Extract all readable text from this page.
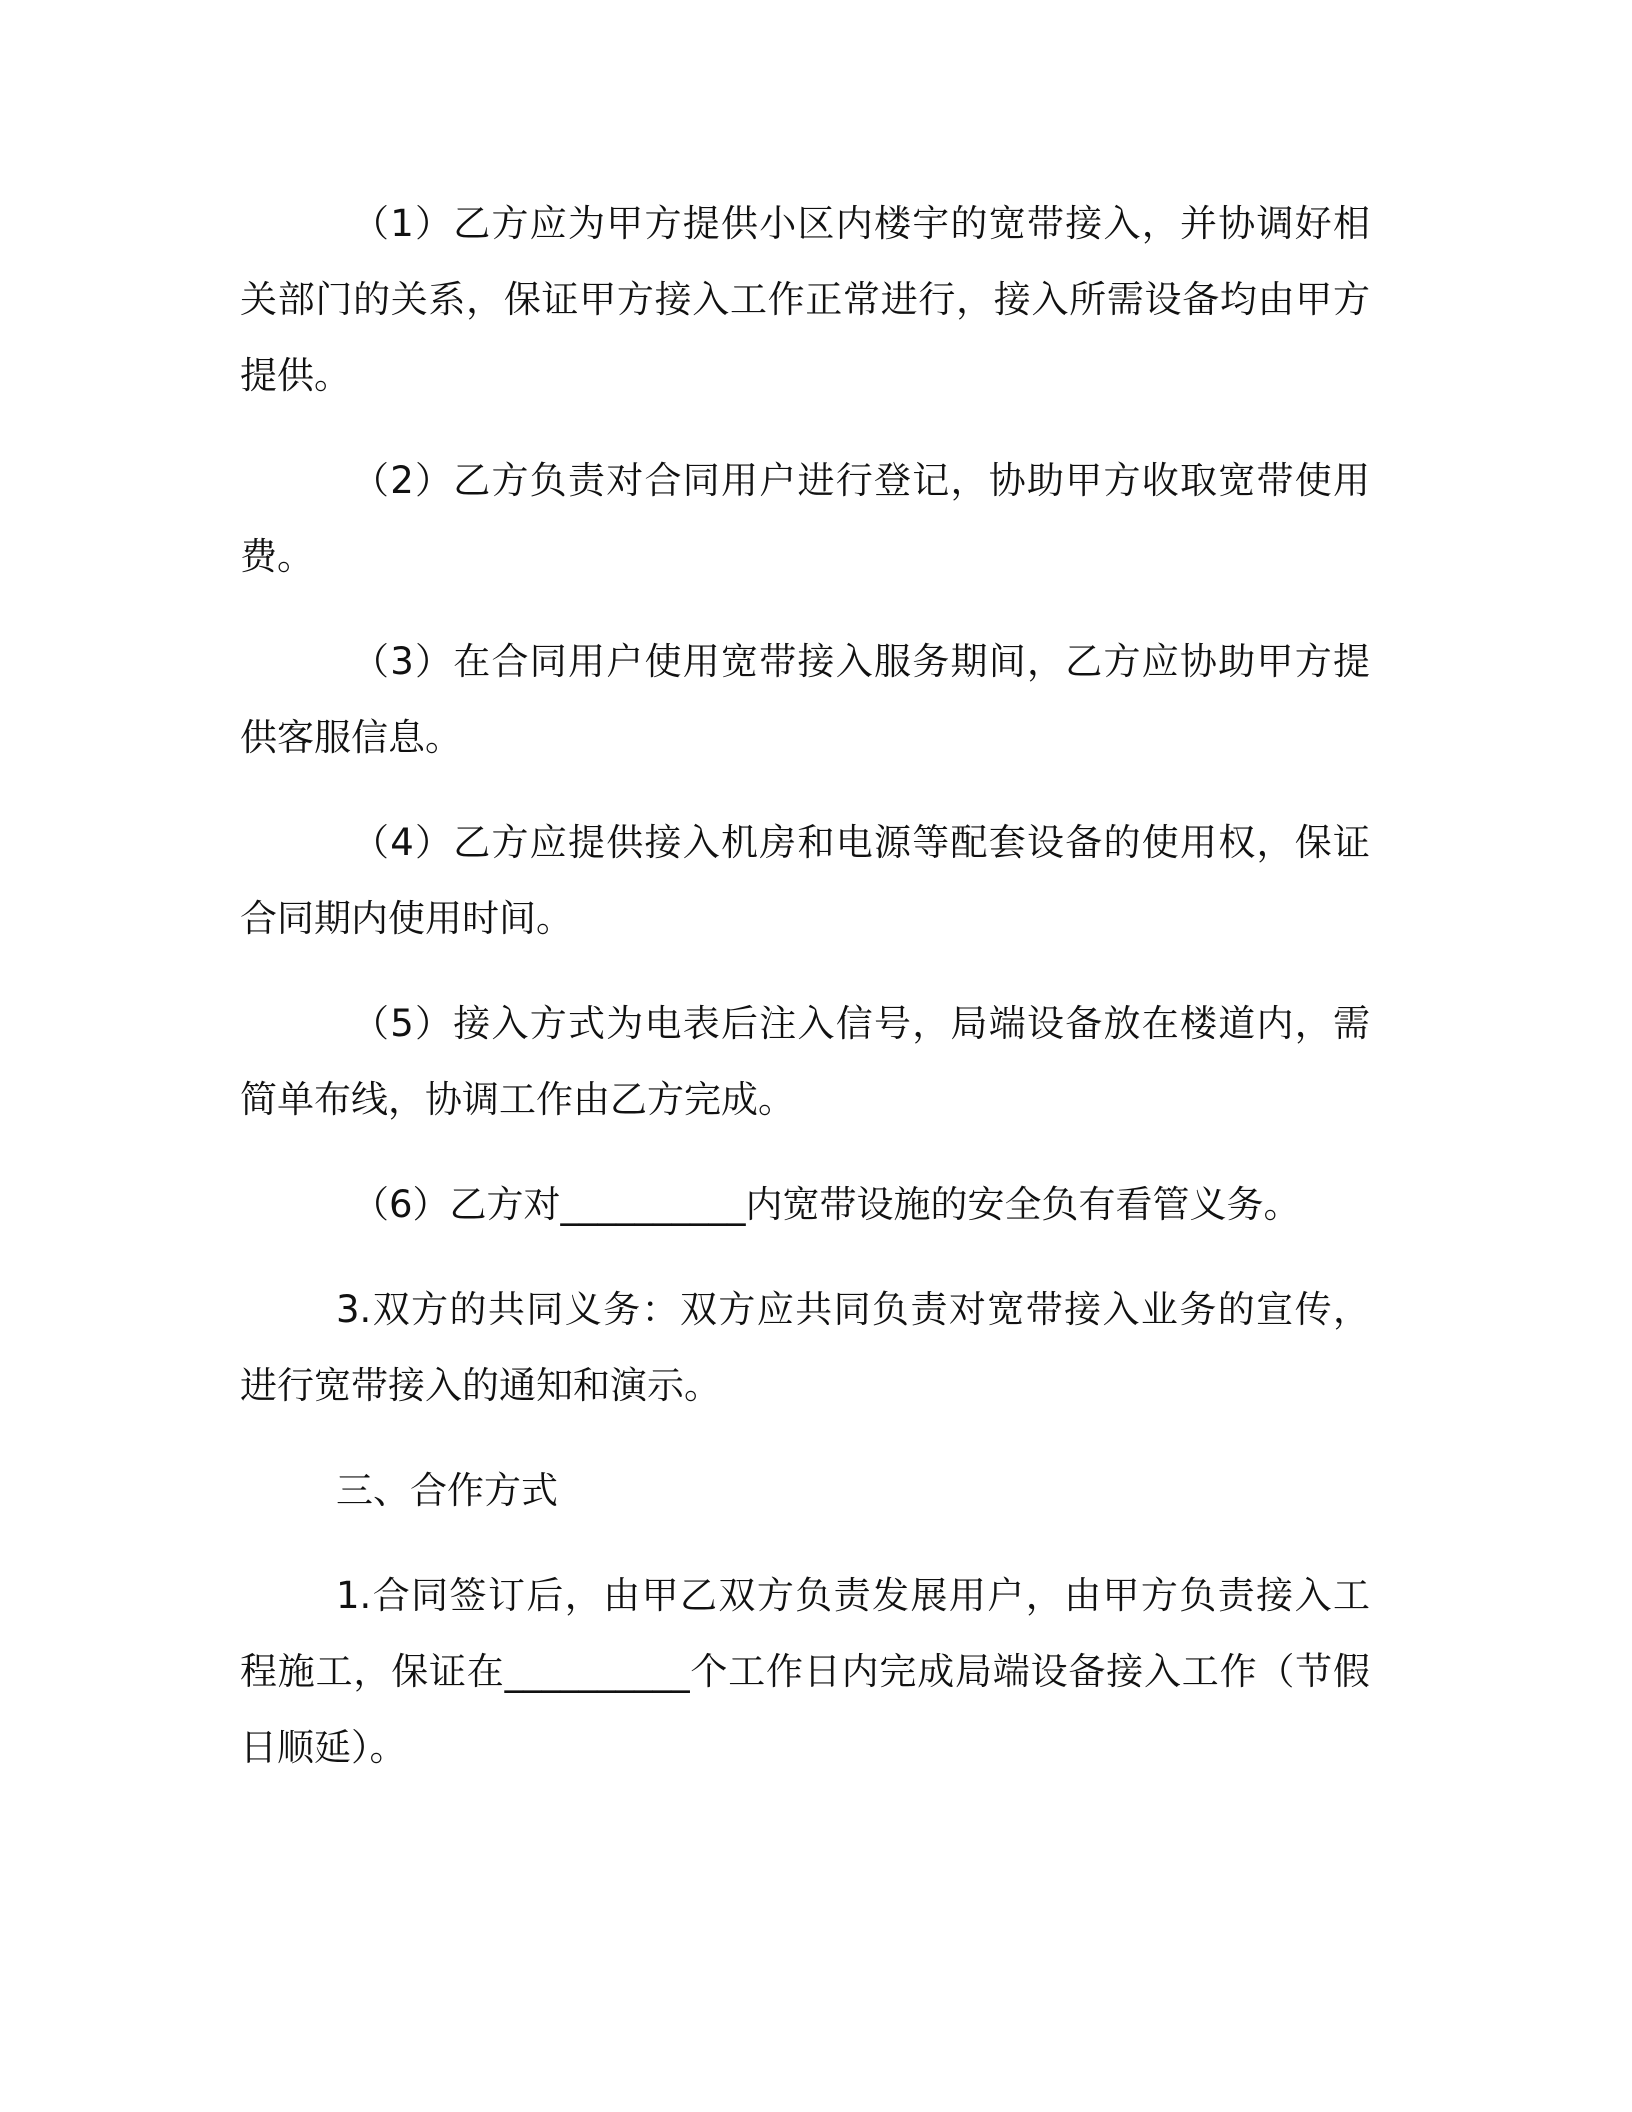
（1）乙方应为甲方提供小区内楼宇的宽带接入，并协调好相关部门的关系，保证甲方接入工作正常进行，接入所需设备均由甲方提供。

（2）乙方负责对合同用户进行登记，协助甲方收取宽带使用费。

（3）在合同用户使用宽带接入服务期间，乙方应协助甲方提供客服信息。

（4）乙方应提供接入机房和电源等配套设备的使用权，保证合同期内使用时间。

（5）接入方式为电表后注入信号，局端设备放在楼道内，需简单布线，协调工作由乙方完成。

（6）乙方对__________内宽带设施的安全负有看管义务。

3.双方的共同义务：双方应共同负责对宽带接入业务的宣传，进行宽带接入的通知和演示。

三、合作方式

1.合同签订后，由甲乙双方负责发展用户，由甲方负责接入工程施工，保证在__________个工作日内完成局端设备接入工作（节假日顺延）。
